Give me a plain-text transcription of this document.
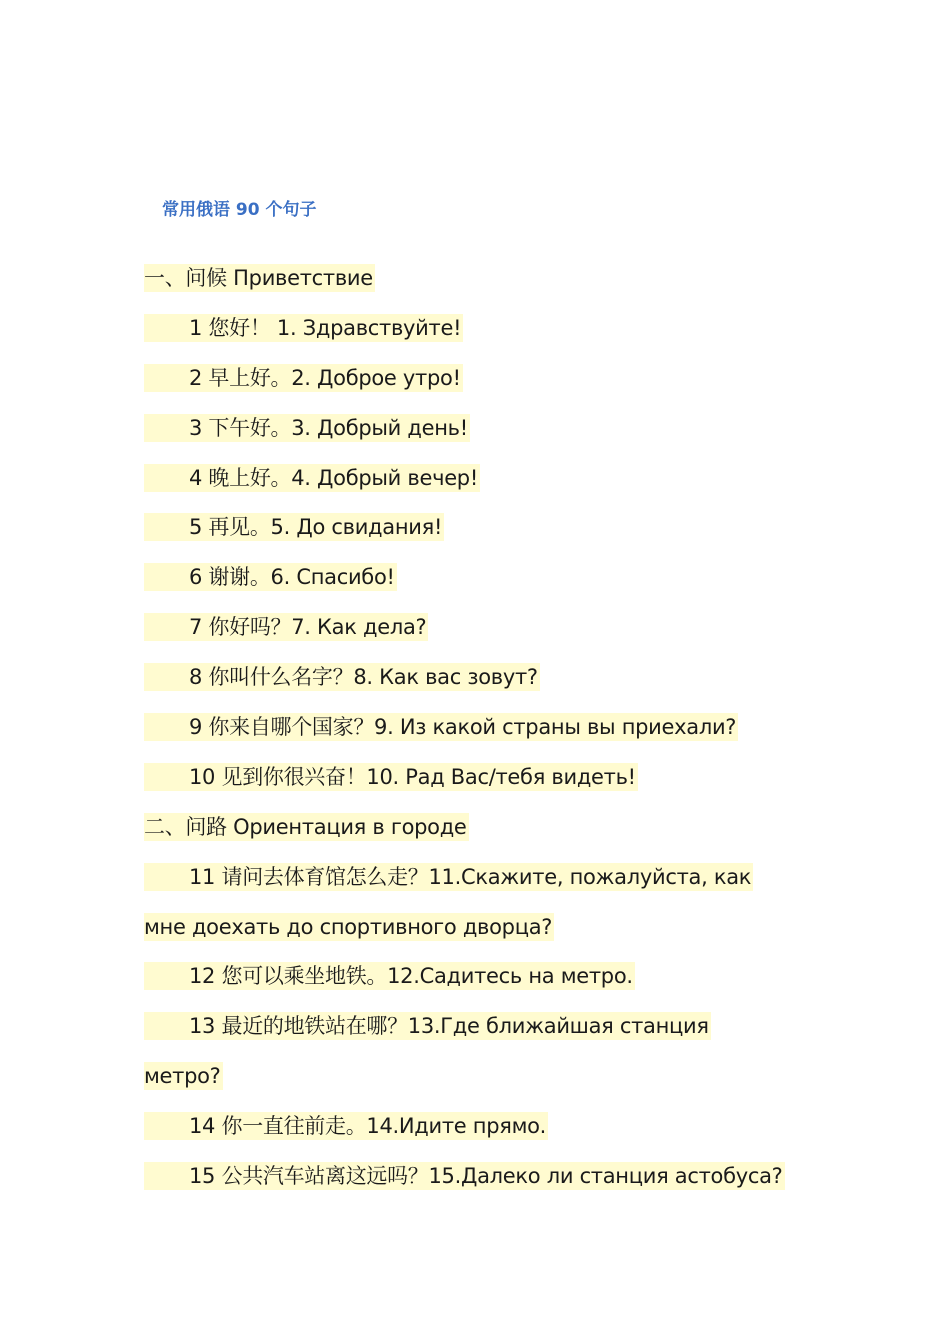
常用俄语 90 个句子
一、问候 Приветствие
1 您好！ 1. Здравствуйте!
2 早上好。2. Доброе утро!
3 下午好。3. Добрый день!
4 晚上好。4. Добрый вечер!
5 再见。5. До свидания!
6 谢谢。6. Спасибо!
7 你好吗？7. Как дела?
8 你叫什么名字？8. Как вас зовут?
9 你来自哪个国家？9. Из какой страны вы приехали?
10 见到你很兴奋！10. Рад Вас/тебя видеть!
二、问路 Ориентация в городе
11 请问去体育馆怎么走？11.Скажите, пожалуйста, как
мне доехать до спортивного дворца?
12 您可以乘坐地铁。12.Садитесь на метро.
13 最近的地铁站在哪？13.Где ближайшая станция
метро?
14 你一直往前走。14.Идите прямо.
15 公共汽车站离这远吗？15.Далеко ли станция астобуса?
